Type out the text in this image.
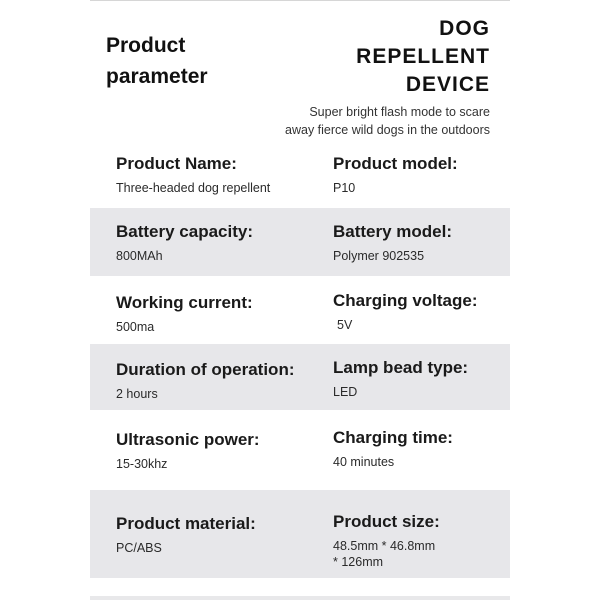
Product
parameter
DOG
REPELLENT
DEVICE
Super bright flash mode to scare
away fierce wild dogs in the outdoors
Product Name:
Three-headed dog repellent
Product model:
P10
Battery capacity:
800MAh
Battery model:
Polymer 902535
Working current:
500ma
Charging voltage:
5V
Duration of operation:
2 hours
Lamp bead type:
LED
Ultrasonic power:
15-30khz
Charging time:
40 minutes
Product material:
PC/ABS
Product size:
48.5mm * 46.8mm
* 126mm
